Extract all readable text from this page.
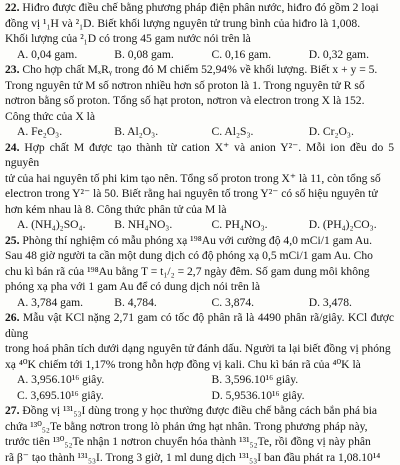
22. Hiđro được điều chế bằng phương pháp điện phân nước, hiđro đó gồm 2 loại

đồng vị ¹₁H và ²₁D. Biết khối lượng nguyên tử trung bình của hiđro là 1,008.

Khối lượng của ²₁D có trong 45 gam nước nói trên là

A. 0,04 gam.	B. 0,08 gam.	C. 0,16 gam.	D. 0,32 gam.

23. Cho hợp chất MₓRᵧ trong đó M chiếm 52,94% về khối lượng. Biết x + y = 5.

Trong nguyên tử M số nơtron nhiều hơn số proton là 1. Trong nguyên tử R số

nơtron bằng số proton. Tổng số hạt proton, nơtron và electron trong X là 152.

Công thức của X là

A. Fe₂O₃.	B. Al₂O₃.	C. Al₂S₃.	D. Cr₂O₃.

24. Hợp chất M được tạo thành từ cation X⁺ và anion Y²⁻. Mỗi ion đều do 5 nguyên

tử của hai nguyên tố phi kim tạo nên. Tổng số proton trong X⁺ là 11, còn tổng số

electron trong Y²⁻ là 50. Biết rằng hai nguyên tố trong Y²⁻ có số hiệu nguyên tử

hơn kém nhau là 8. Công thức phân tử của M là

A. (NH₄)₂SO₄.	B. NH₄NO₃.	C. PH₄NO₃.	D. (PH₄)₂CO₃.

25. Phòng thí nghiệm có mẫu phóng xạ ¹⁹⁸Au với cường độ 4,0 mCi/1 gam Au.

Sau 48 giờ người ta cần một dung dịch có độ phóng xạ 0,5 mCi/1 gam Au. Cho

chu kì bán rã của ¹⁹⁸Au bằng T = t₁/₂ = 2,7 ngày đêm. Số gam dung môi không

phóng xạ pha với 1 gam Au để có dung dịch nói trên là

A. 3,784 gam.	B. 4,784.	C. 3,874.	D. 3,478.

26. Mẫu vật KCl nặng 2,71 gam có tốc độ phân rã là 4490 phân rã/giây. KCl được dùng

trong hoá phân tích dưới dạng nguyên tử đánh dấu. Người ta lại biết đồng vị phóng

xạ ⁴⁰K chiếm tới 1,17% trong hỗn hợp đồng vị kali. Chu kì bán rã của ⁴⁰K là

A. 3,956.10¹⁶ giây.	B. 3,596.10¹⁶ giây.
C. 3,695.10¹⁶ giây.	D. 5,9536.10¹⁶ giây.

27. Đồng vị ¹³¹₅₃I dùng trong y học thường được điều chế bằng cách bắn phá bia

chứa ¹³⁰₅₂Te bằng nơtron trong lò phản ứng hạt nhân. Trong phương pháp này,

trước tiên ¹³⁰₅₂Te nhận 1 nơtron chuyển hóa thành ¹³¹₅₂Te, rồi đồng vị này phân

rã β⁻ tạo thành ¹³¹₅₃I. Trong 3 giờ, 1 ml dung dịch ¹³¹₅₃I ban đầu phát ra 1,08.10¹⁴
